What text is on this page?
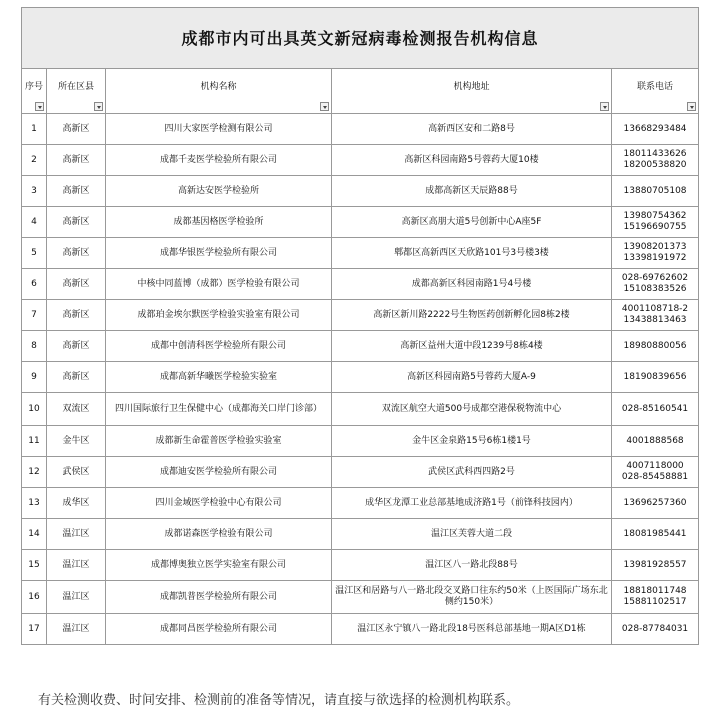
成都市内可出具英文新冠病毒检测报告机构信息				

序号	所在区县	机构名称	机构地址	联系电话

1	高新区	四川大家医学检测有限公司	高新西区安和二路8号	13668293484
2	高新区	成都千麦医学检验所有限公司	高新区科园南路5号蓉药大厦10楼	18011433626
18200538820
3	高新区	高新达安医学检验所	成都高新区天辰路88号	13880705108
4	高新区	成都基因格医学检验所	高新区高朋大道5号创新中心A座5F	13980754362
15196690755
5	高新区	成都华银医学检验所有限公司	郫都区高新西区天欣路101号3号楼3楼	13908201373
13398191972
6	高新区	中核中同蓝博（成都）医学检验有限公司	成都高新区科园南路1号4号楼	028-69762602
15108383526
7	高新区	成都珀金埃尔默医学检验实验室有限公司	高新区新川路2222号生物医药创新孵化园8栋2楼	4001108718-2
13438813463
8	高新区	成都中创清科医学检验所有限公司	高新区益州大道中段1239号8栋4楼	18980880056
9	高新区	成都高新华曦医学检验实验室	高新区科园南路5号蓉药大厦A-9	18190839656
10	双流区	四川国际旅行卫生保健中心（成都海关口岸门诊部）	双流区航空大道500号成都空港保税物流中心	028-85160541
11	金牛区	成都新生命霍普医学检验实验室	金牛区金泉路15号6栋1楼1号	4001888568
12	武侯区	成都迪安医学检验所有限公司	武侯区武科西四路2号	4007118000
028-85458881
13	成华区	四川金域医学检验中心有限公司	成华区龙潭工业总部基地成济路1号（前锋科技园内）	13696257360
14	温江区	成都诺森医学检验有限公司	温江区芙蓉大道二段	18081985441
15	温江区	成都博奥独立医学实验室有限公司	温江区八一路北段88号	13981928557
16	温江区	成都凯普医学检验所有限公司	温江区和居路与八一路北段交叉路口往东约50米（上医国际广场东北侧约150米）	18818011748
15881102517
17	温江区	成都同昌医学检验所有限公司	温江区永宁镇八一路北段18号医科总部基地一期A区D1栋	028-87784031
有关检测收费、时间安排、检测前的准备等情况，请直接与欲选择的检测机构联系。
